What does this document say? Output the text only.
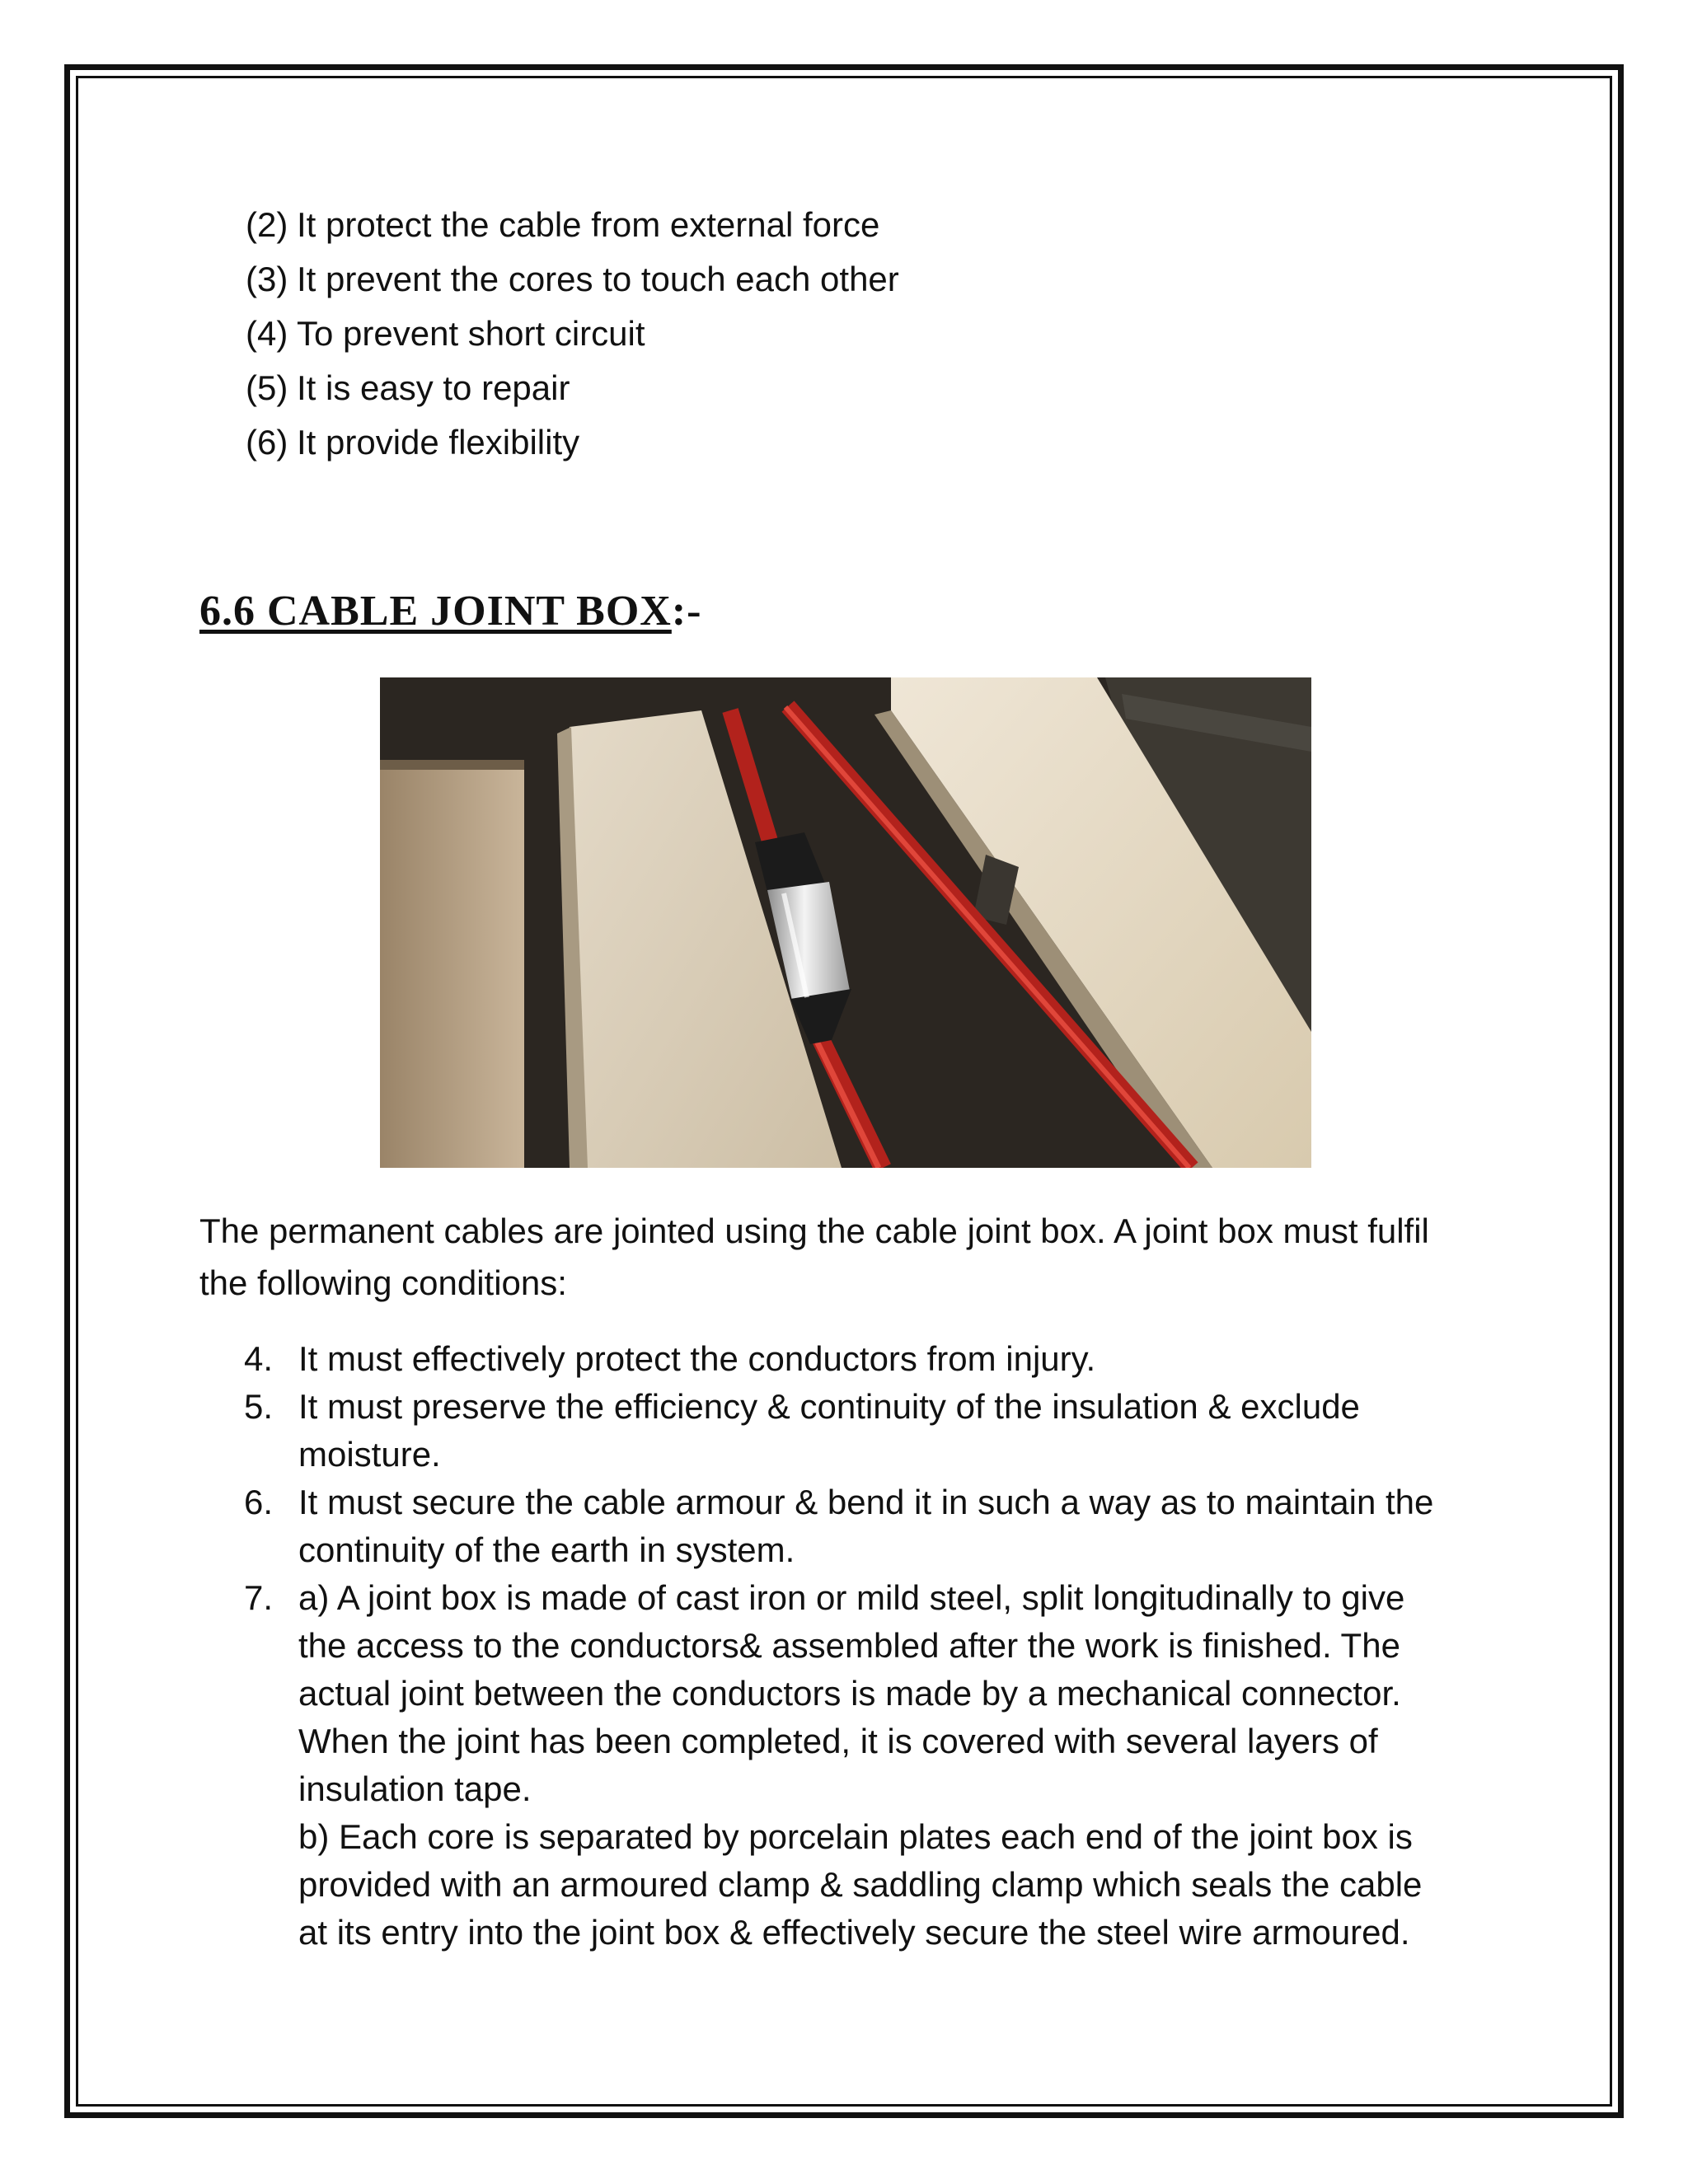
(2) It protect the cable from external force
(3) It prevent the cores to touch each other
(4) To prevent short circuit
(5) It is easy to repair
(6) It provide flexibility
6.6 CABLE JOINT BOX:-

The permanent cables are jointed using the cable joint box. A joint box must fulfil
the following conditions:

4. It must effectively protect the conductors from injury.
5. It must preserve the efficiency & continuity of the insulation & exclude
moisture.
6. It must secure the cable armour & bend it in such a way as to maintain the
continuity of the earth in system.
7. a) A joint box is made of cast iron or mild steel, split longitudinally to give
the access to the conductors& assembled after the work is finished. The
actual joint between the conductors is made by a mechanical connector.
When the joint has been completed, it is covered with several layers of
insulation tape.
b) Each core is separated by porcelain plates each end of the joint box is
provided with an armoured clamp & saddling clamp which seals the cable
at its entry into the joint box & effectively secure the steel wire armoured.
